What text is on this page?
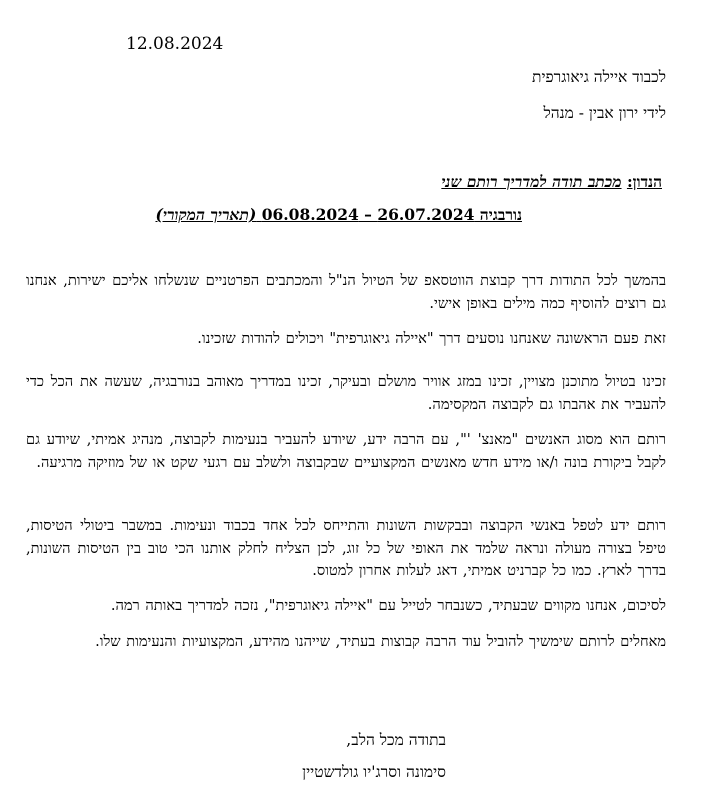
12.08.2024
לכבוד איילה גיאוגרפית
לידי ירון אבין - מנהל
הנדון: מכתב תודה למדריך רותם שני
נורבגיה 26.07.2024 – 06.08.2024 (תאריך המקורי)
בהמשך לכל התודות דרך קבוצת הווטסאפ של הטיול הנ"ל והמכתבים הפרטניים שנשלחו אליכם ישירות, אנחנו גם רוצים להוסיף כמה מילים באופן אישי.
זאת פעם הראשונה שאנחנו נוסעים דרך "איילה גיאוגרפית" ויכולים להודות שזכינו.
זכינו בטיול מתוכנן מצויין, זכינו במזג אוויר מושלם ובעיקר, זכינו במדריך מאוהב בנורבגיה, שעשה את הכל כדי להעביר את אהבתו גם לקבוצה המקסימה.
רותם הוא מסוג האנשים "מאנצ' '", עם הרבה ידע, שיודע להעביר בנעימות לקבוצה, מנהיג אמיתי, שיודע גם לקבל ביקורת בונה ו/או מידע חדש מאנשים המקצועיים שבקבוצה ולשלב עם רגעי שקט או של מוזיקה מרגיעה.
רותם ידע לטפל באנשי הקבוצה ובבקשות השונות והתייחס לכל אחד בכבוד ונעימות. במשבר ביטולי הטיסות, טיפל בצורה מעולה ונראה שלמד את האופי של כל זוג, לכן הצליח לחלק אותנו הכי טוב בין הטיסות השונות, בדרך לארץ. כמו כל קברניט אמיתי, דאג לעלות אחרון למטוס.
לסיכום, אנחנו מקווים שבעתיד, כשנבחר לטייל עם "איילה גיאוגרפית", נזכה למדריך באותה רמה.
מאחלים לרותם שימשיך להוביל עוד הרבה קבוצות בעתיד, שייהנו מהידע, המקצועיות והנעימות שלו.
בתודה מכל הלב,
סימונה וסרג'יו גולדשטיין
